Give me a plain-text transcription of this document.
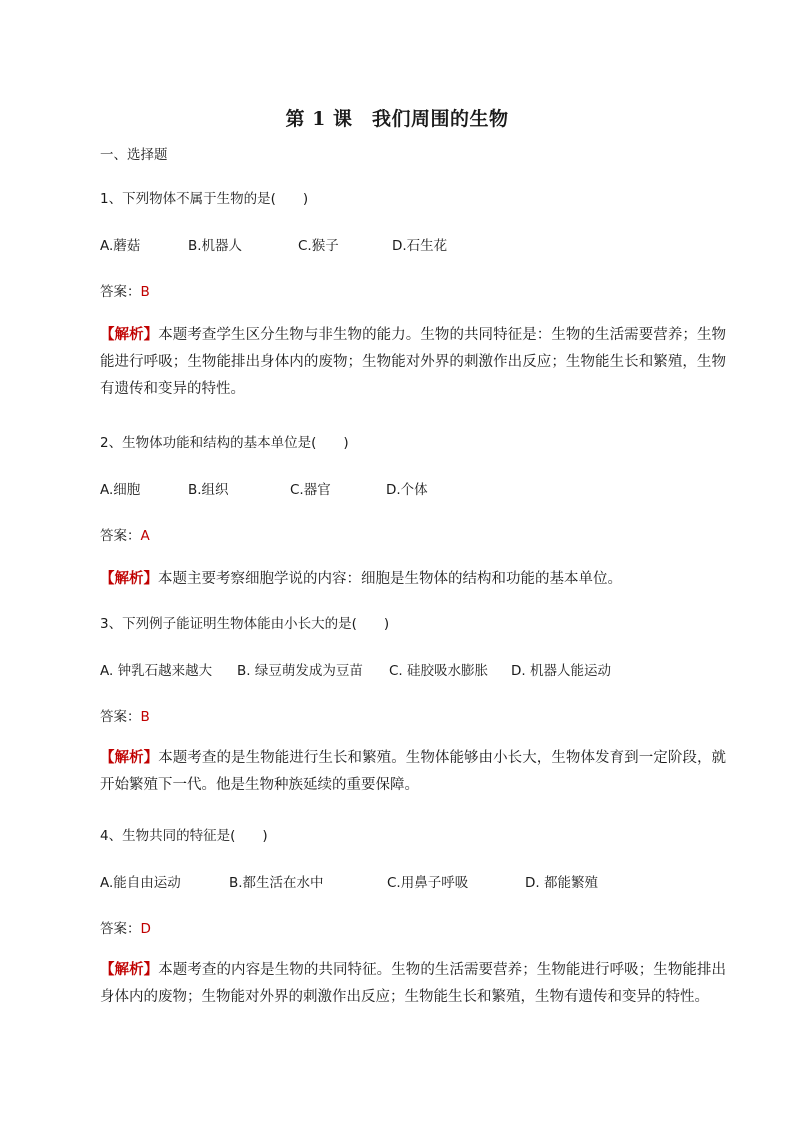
第 1 课　我们周围的生物
一、选择题
1、下列物体不属于生物的是(　　)
A.蘑菇	B.机器人	C.猴子	D.石生花
答案：B
【解析】本题考查学生区分生物与非生物的能力。生物的共同特征是：生物的生活需要营养；生物能进行呼吸；生物能排出身体内的废物；生物能对外界的刺激作出反应；生物能生长和繁殖，生物有遗传和变异的特性。
2、生物体功能和结构的基本单位是(　　)
A.细胞	B.组织	C.器官	D.个体
答案：A
【解析】本题主要考察细胞学说的内容：细胞是生物体的结构和功能的基本单位。
3、下列例子能证明生物体能由小长大的是(　　)
A. 钟乳石越来越大 B. 绿豆萌发成为豆苗 C. 硅胶吸水膨胀 D. 机器人能运动
答案：B
【解析】本题考查的是生物能进行生长和繁殖。生物体能够由小长大，生物体发育到一定阶段，就开始繁殖下一代。他是生物种族延续的重要保障。
4、生物共同的特征是(　　)
A.能自由运动	B.都生活在水中	C.用鼻子呼吸	D. 都能繁殖
答案：D
【解析】本题考查的内容是生物的共同特征。生物的生活需要营养；生物能进行呼吸；生物能排出身体内的废物；生物能对外界的刺激作出反应；生物能生长和繁殖，生物有遗传和变异的特性。
